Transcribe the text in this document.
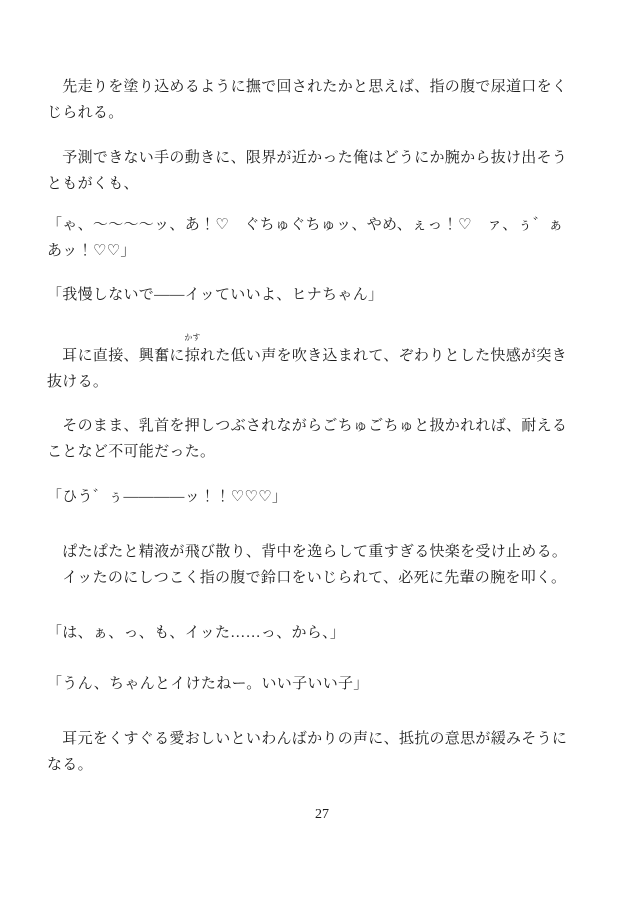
　先走りを塗り込めるように撫で回されたかと思えば、指の腹で尿道口をく

じられる。

　予測できない手の動きに、限界が近かった俺はどうにか腕から抜け出そう

ともがくも、

「ゃ、～～～～ッ、あ！♡　ぐちゅぐちゅッ、やめ、ぇっ！♡　ァ、ぅ゛ぁ

あッ！♡♡」

「我慢しないで――イッていいよ、ヒナちゃん」

　耳に直接、興奮に
かす
掠れた低い声を吹き込まれて、ぞわりとした快感が突き

抜ける。

　そのまま、乳首を押しつぶされながらごちゅごちゅと扱かれれば、耐える

ことなど不可能だった。

「ひう゛ぅ――――ッ！！♡♡♡」

　ぱたぱたと精液が飛び散り、背中を逸らして重すぎる快楽を受け止める。

　イッたのにしつこく指の腹で鈴口をいじられて、必死に先輩の腕を叩く。

「は、ぁ、っ、も、イッた……っ、から、」

「うん、ちゃんとイけたねー。いい子いい子」

　耳元をくすぐる愛おしいといわんばかりの声に、抵抗の意思が緩みそうに

なる。

27
